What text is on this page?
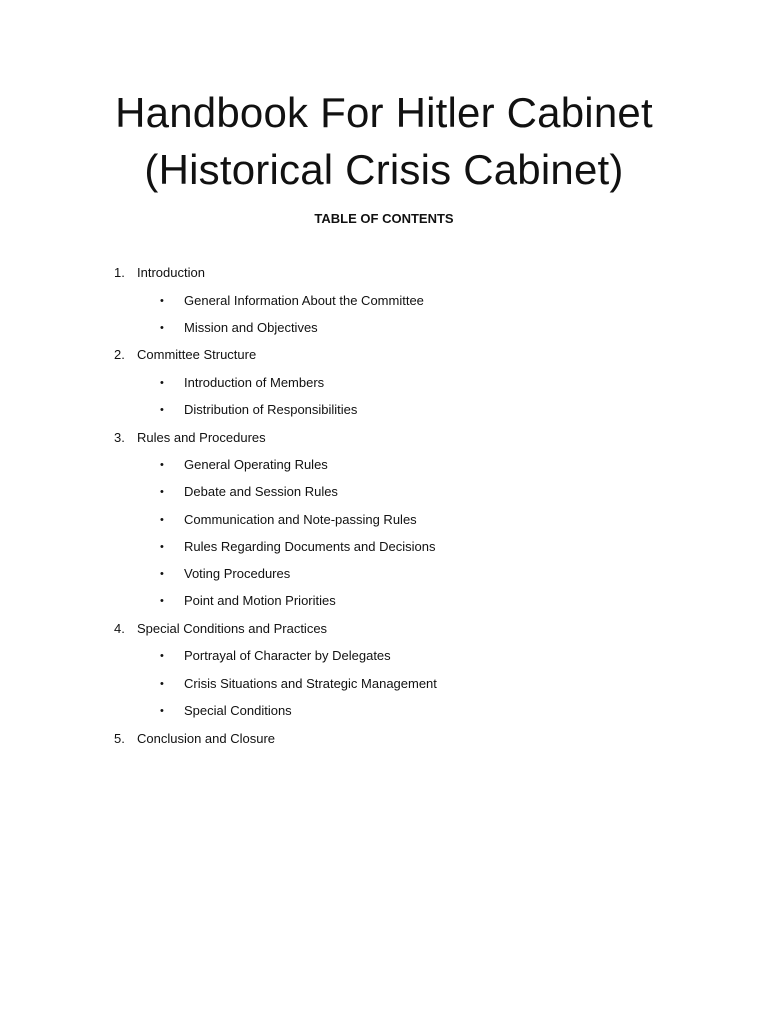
Handbook For Hitler Cabinet
(Historical Crisis Cabinet)
TABLE OF CONTENTS
1. Introduction
• General Information About the Committee
• Mission and Objectives
2. Committee Structure
• Introduction of Members
• Distribution of Responsibilities
3. Rules and Procedures
• General Operating Rules
• Debate and Session Rules
• Communication and Note-passing Rules
• Rules Regarding Documents and Decisions
• Voting Procedures
• Point and Motion Priorities
4. Special Conditions and Practices
• Portrayal of Character by Delegates
• Crisis Situations and Strategic Management
• Special Conditions
5. Conclusion and Closure
